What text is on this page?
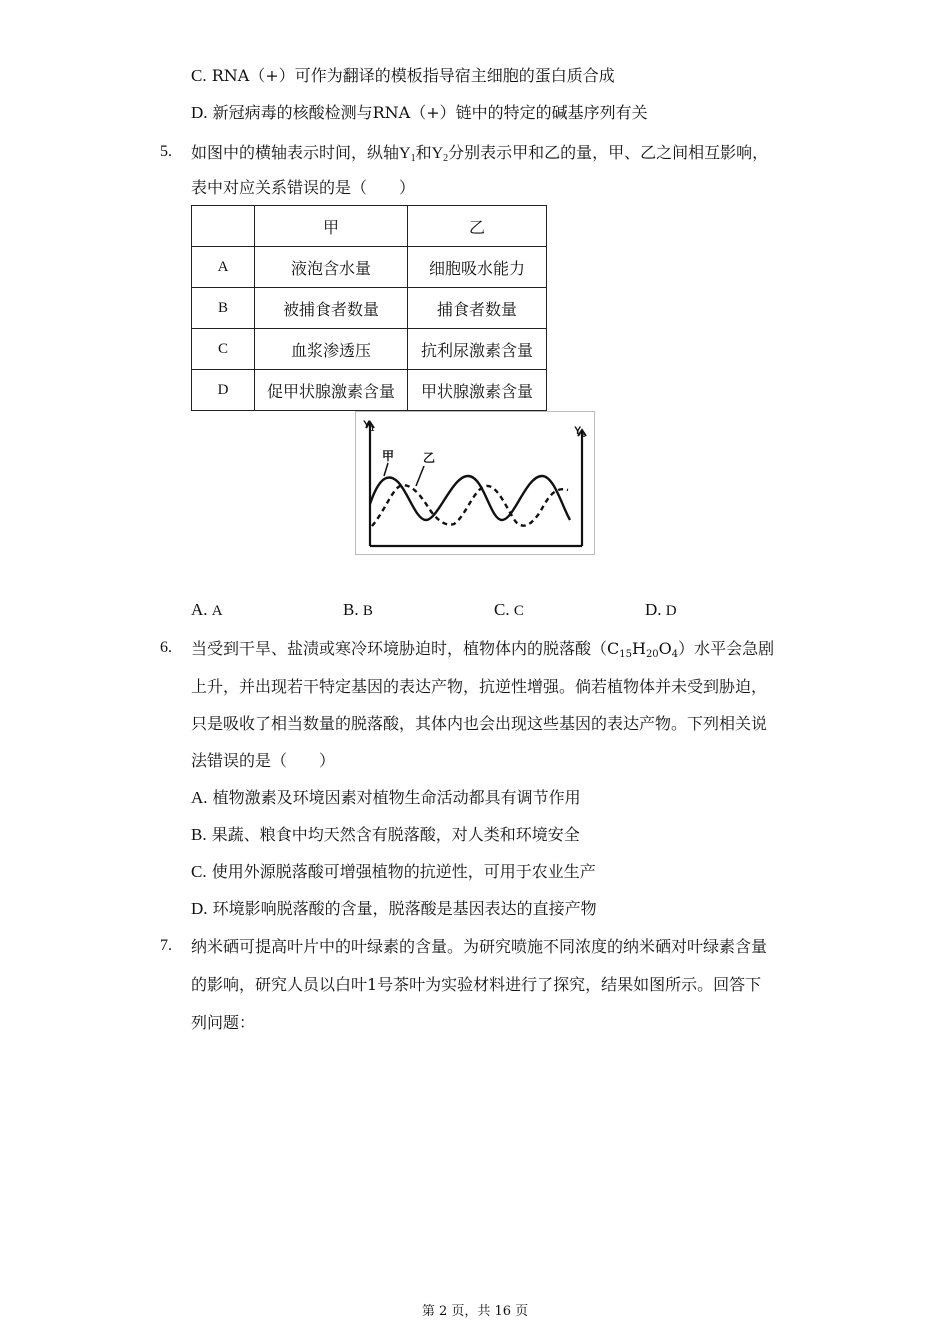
C. RNA（+）可作为翻译的模板指导宿主细胞的蛋白质合成
D. 新冠病毒的核酸检测与RNA（+）链中的特定的碱基序列有关
5. 如图中的横轴表示时间，纵轴$Y_1$和$Y_2$分别表示甲和乙的量，甲、乙之间相互影响，
表中对应关系错误的是（　　）
	甲	乙
A	液泡含水量	细胞吸水能力
B	被捕食者数量	捕食者数量
C	血浆渗透压	抗利尿激素含量
D	促甲状腺激素含量	甲状腺激素含量
$Y_1$	$Y_2$
甲 乙
A. A	B. B	C. C	D. D
6. 当受到干旱、盐渍或寒冷环境胁迫时，植物体内的脱落酸$(C_{15}H_{20}O_4)$水平会急剧
上升，并出现若干特定基因的表达产物，抗逆性增强。倘若植物体并未受到胁迫，
只是吸收了相当数量的脱落酸，其体内也会出现这些基因的表达产物。下列相关说
法错误的是（　　）
A. 植物激素及环境因素对植物生命活动都具有调节作用
B. 果蔬、粮食中均天然含有脱落酸，对人类和环境安全
C. 使用外源脱落酸可增强植物的抗逆性，可用于农业生产
D. 环境影响脱落酸的含量，脱落酸是基因表达的直接产物
7. 纳米硒可提高叶片中的叶绿素的含量。为研究喷施不同浓度的纳米硒对叶绿素含量
的影响，研究人员以白叶1号茶叶为实验材料进行了探究，结果如图所示。回答下
列问题：
第 2 页，共 16 页
